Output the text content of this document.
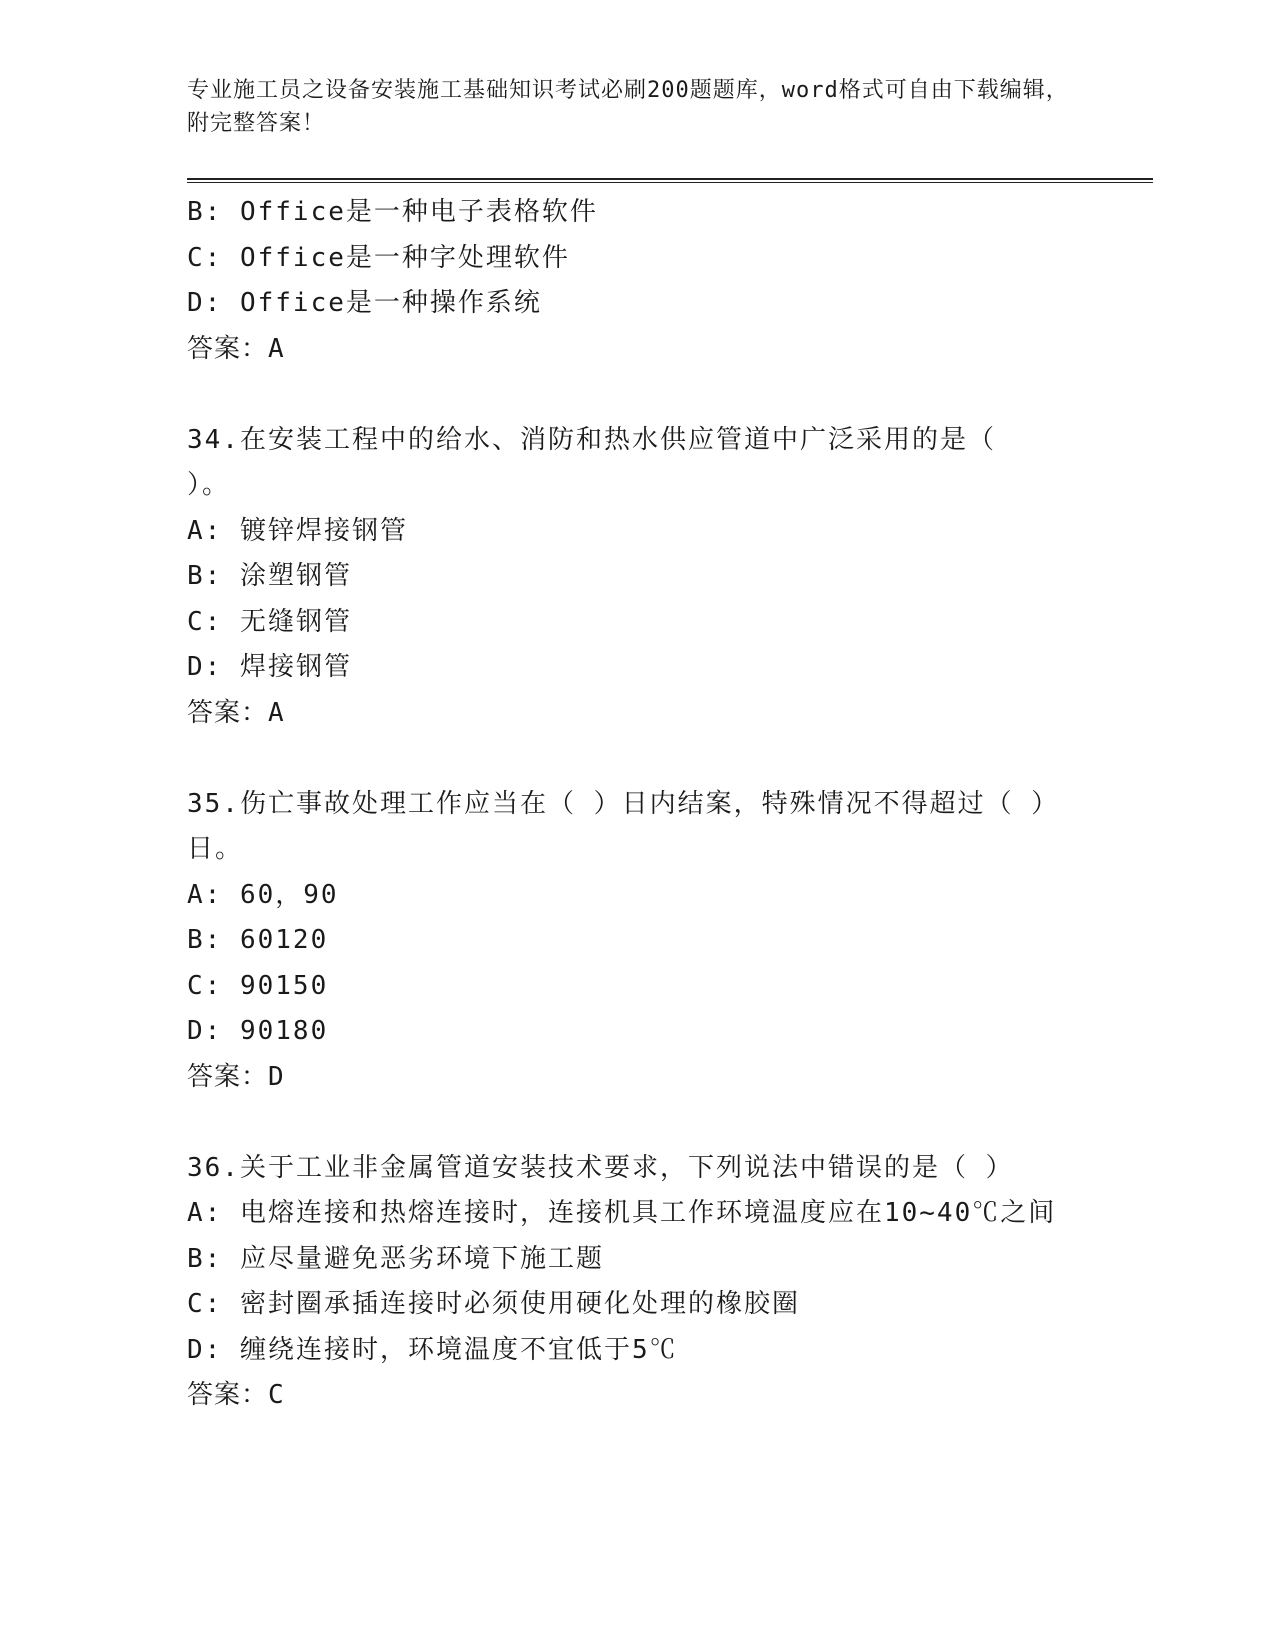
专业施工员之设备安装施工基础知识考试必刷200题题库，word格式可自由下载编辑，附完整答案！
B: Office是一种电子表格软件
C: Office是一种字处理软件
D: Office是一种操作系统
答案：A
34.在安装工程中的给水、消防和热水供应管道中广泛采用的是（ ）。
A: 镀锌焊接钢管
B: 涂塑钢管
C: 无缝钢管
D: 焊接钢管
答案：A
35.伤亡事故处理工作应当在（ ）日内结案，特殊情况不得超过（ ）日。
A: 60，90
B: 60120
C: 90150
D: 90180
答案：D
36.关于工业非金属管道安装技术要求，下列说法中错误的是（ ）
A: 电熔连接和热熔连接时，连接机具工作环境温度应在10~40℃之间
B: 应尽量避免恶劣环境下施工题
C: 密封圈承插连接时必须使用硬化处理的橡胶圈
D: 缠绕连接时，环境温度不宜低于5℃
答案：C
